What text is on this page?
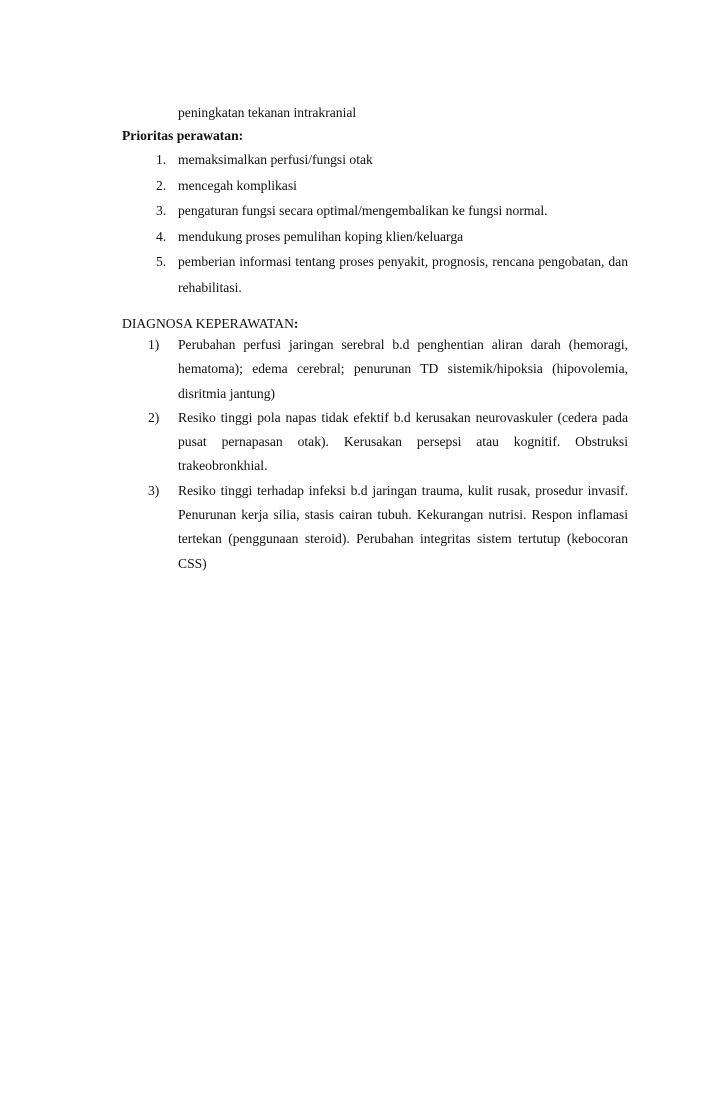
peningkatan tekanan intrakranial
Prioritas perawatan:
1. memaksimalkan perfusi/fungsi otak
2. mencegah komplikasi
3. pengaturan fungsi secara optimal/mengembalikan ke fungsi normal.
4. mendukung proses pemulihan koping klien/keluarga
5. pemberian informasi tentang proses penyakit, prognosis, rencana pengobatan, dan rehabilitasi.
DIAGNOSA KEPERAWATAN:
1) Perubahan perfusi jaringan serebral b.d penghentian aliran darah (hemoragi, hematoma); edema cerebral; penurunan TD sistemik/hipoksia (hipovolemia, disritmia jantung)
2) Resiko tinggi pola napas tidak efektif b.d kerusakan neurovaskuler (cedera pada pusat pernapasan otak). Kerusakan persepsi atau kognitif. Obstruksi trakeobronkhial.
3) Resiko tinggi terhadap infeksi b.d jaringan trauma, kulit rusak, prosedur invasif. Penurunan kerja silia, stasis cairan tubuh. Kekurangan nutrisi. Respon inflamasi tertekan (penggunaan steroid). Perubahan integritas sistem tertutup (kebocoran CSS)
